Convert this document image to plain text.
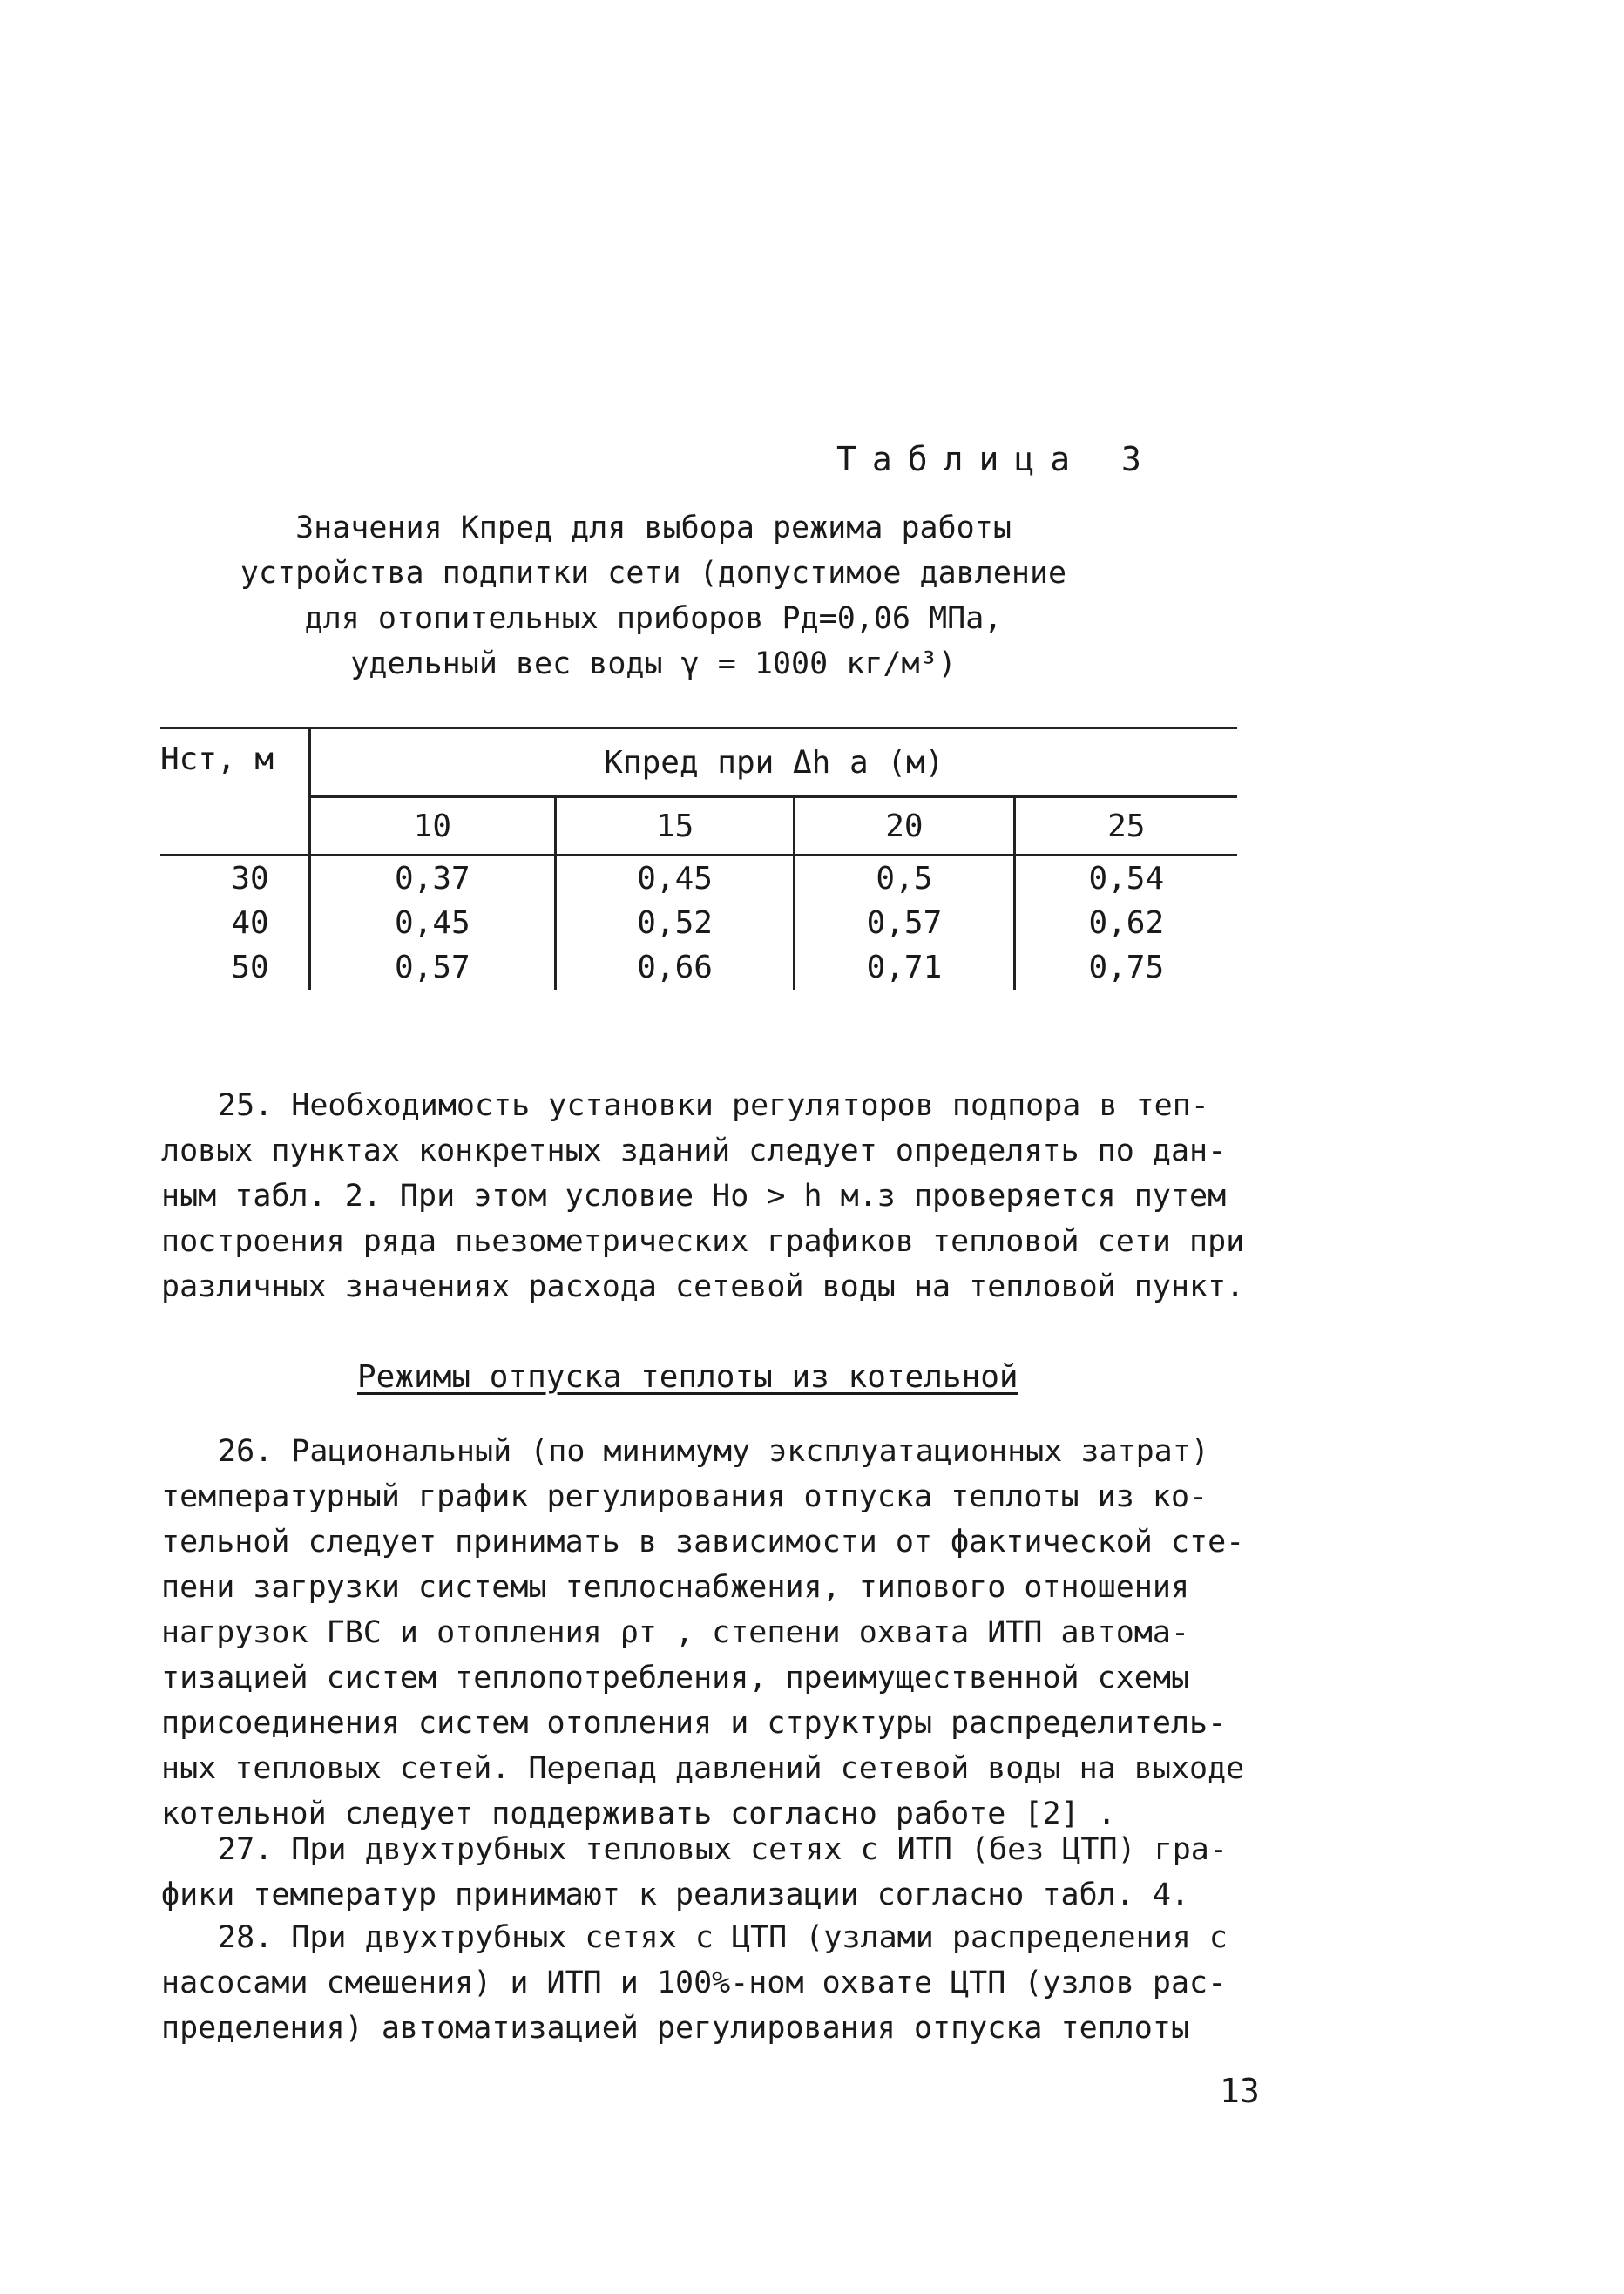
Таблица 3
Значения Кпред для выбора режима работы
устройства подпитки сети (допустимое давление
для отопительных приборов Рд=0,06 МПа,
удельный вес воды γ = 1000 кг/м³)
Нст, м	Кпред при Δh а (м)			
	10	15	20	25
30	0,37	0,45	0,5	0,54
40	0,45	0,52	0,57	0,62
50	0,57	0,66	0,71	0,75
25. Необходимость установки регуляторов подпора в теп-
ловых пунктах конкретных зданий следует определять по дан-
ным табл. 2. При этом условие Но > h м.з проверяется путем
построения ряда пьезометрических графиков тепловой сети при
различных значениях расхода сетевой воды на тепловой пункт.
Режимы отпуска теплоты из котельной
26. Рациональный (по минимуму эксплуатационных затрат)
температурный график регулирования отпуска теплоты из ко-
тельной следует принимать в зависимости от фактической сте-
пени загрузки системы теплоснабжения, типового отношения
нагрузок ГВС и отопления ρт , степени охвата ИТП автома-
тизацией систем теплопотребления, преимущественной схемы
присоединения систем отопления и структуры распределитель-
ных тепловых сетей. Перепад давлений сетевой воды на выходе
котельной следует поддерживать согласно работе [2] .
27. При двухтрубных тепловых сетях с ИТП (без ЦТП) гра-
фики температур принимают к реализации согласно табл. 4.
28. При двухтрубных сетях с ЦТП (узлами распределения с
насосами смешения) и ИТП и 100%-ном охвате ЦТП (узлов рас-
пределения) автоматизацией регулирования отпуска теплоты
13
